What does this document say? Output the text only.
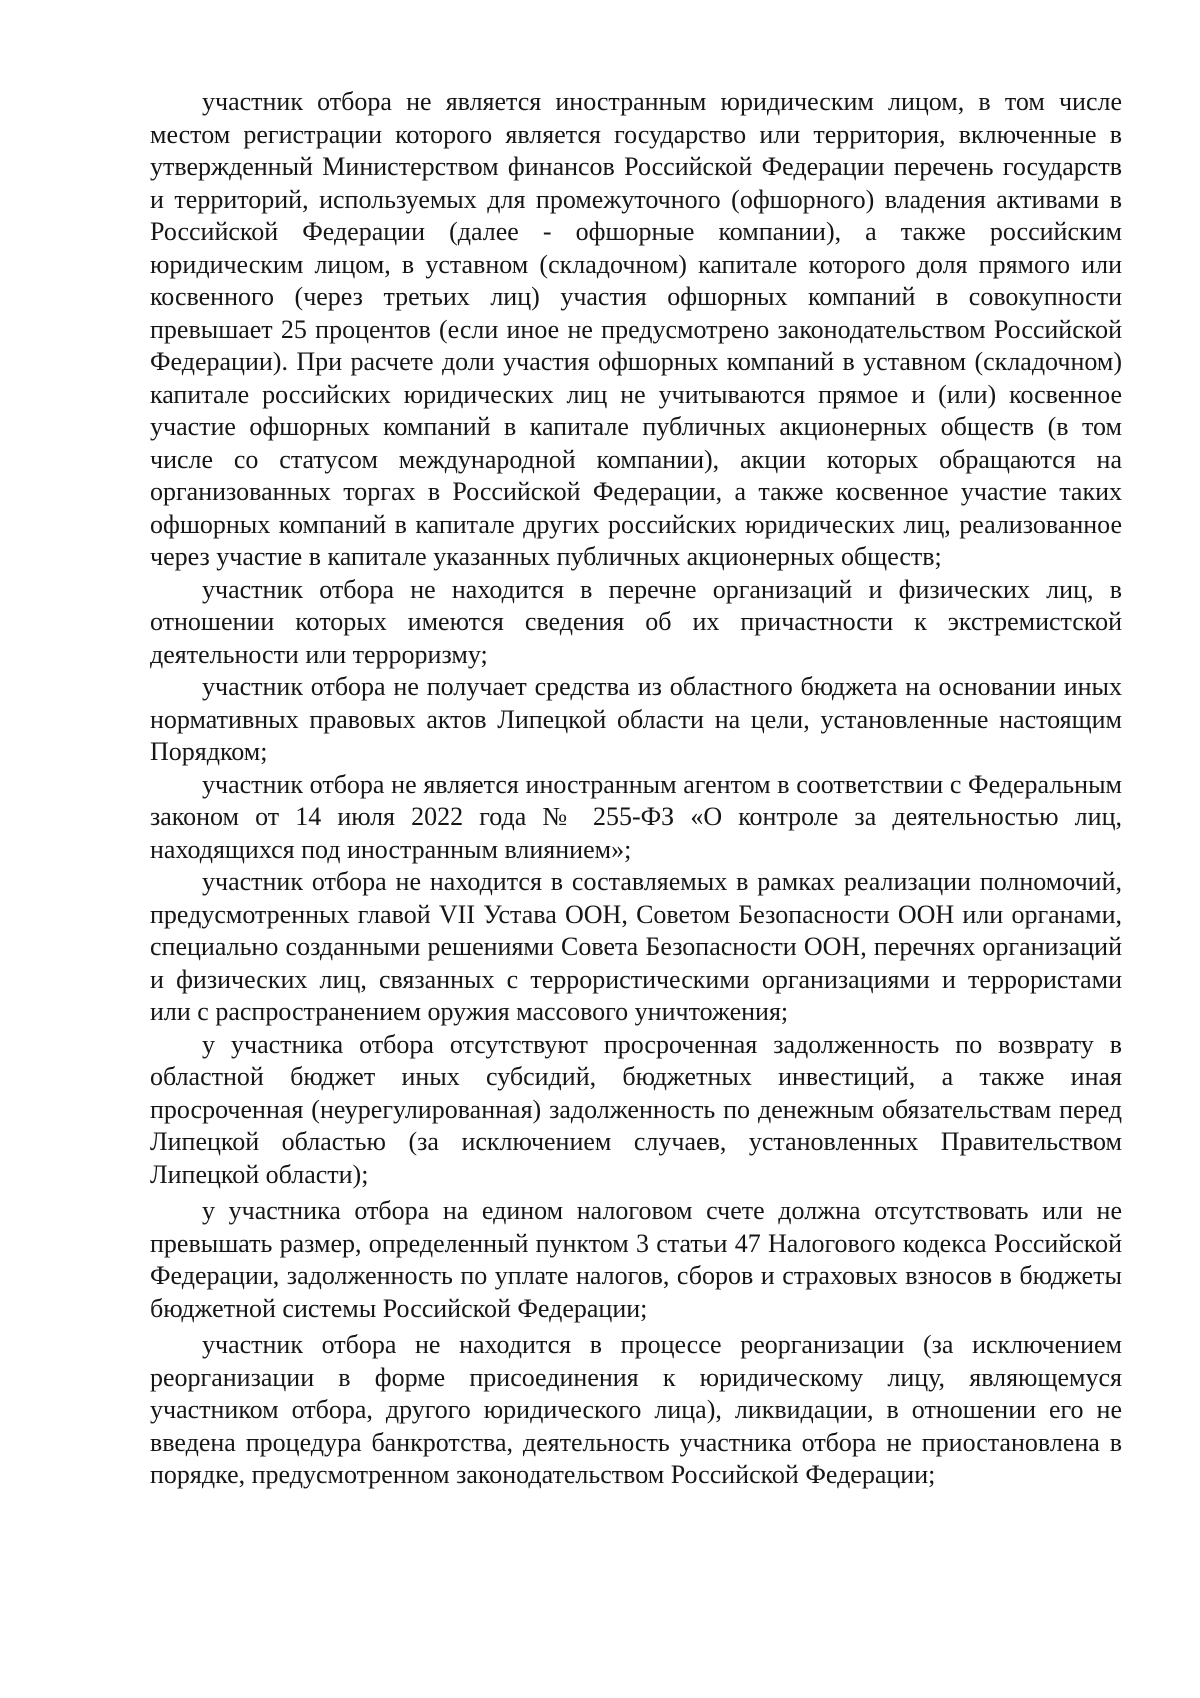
участник отбора не является иностранным юридическим лицом, в том числе местом регистрации которого является государство или территория, включенные в утвержденный Министерством финансов Российской Федерации перечень государств и территорий, используемых для промежуточного (офшорного) владения активами в Российской Федерации (далее - офшорные компании), а также российским юридическим лицом, в уставном (складочном) капитале которого доля прямого или косвенного (через третьих лиц) участия офшорных компаний в совокупности превышает 25 процентов (если иное не предусмотрено законодательством Российской Федерации). При расчете доли участия офшорных компаний в уставном (складочном) капитале российских юридических лиц не учитываются прямое и (или) косвенное участие офшорных компаний в капитале публичных акционерных обществ (в том числе со статусом международной компании), акции которых обращаются на организованных торгах в Российской Федерации, а также косвенное участие таких офшорных компаний в капитале других российских юридических лиц, реализованное через участие в капитале указанных публичных акционерных обществ;

участник отбора не находится в перечне организаций и физических лиц, в отношении которых имеются сведения об их причастности к экстремистской деятельности или терроризму;

участник отбора не получает средства из областного бюджета на основании иных нормативных правовых актов Липецкой области на цели, установленные настоящим Порядком;

участник отбора не является иностранным агентом в соответствии с Федеральным законом от 14 июля 2022 года № 255-ФЗ «О контроле за деятельностью лиц, находящихся под иностранным влиянием»;

участник отбора не находится в составляемых в рамках реализации полномочий, предусмотренных главой VII Устава ООН, Советом Безопасности ООН или органами, специально созданными решениями Совета Безопасности ООН, перечнях организаций и физических лиц, связанных с террористическими организациями и террористами или с распространением оружия массового уничтожения;

у участника отбора отсутствуют просроченная задолженность по возврату в областной бюджет иных субсидий, бюджетных инвестиций, а также иная просроченная (неурегулированная) задолженность по денежным обязательствам перед Липецкой областью (за исключением случаев, установленных Правительством Липецкой области);

у участника отбора на едином налоговом счете должна отсутствовать или не превышать размер, определенный пунктом 3 статьи 47 Налогового кодекса Российской Федерации, задолженность по уплате налогов, сборов и страховых взносов в бюджеты бюджетной системы Российской Федерации;

участник отбора не находится в процессе реорганизации (за исключением реорганизации в форме присоединения к юридическому лицу, являющемуся участником отбора, другого юридического лица), ликвидации, в отношении его не введена процедура банкротства, деятельность участника отбора не приостановлена в порядке, предусмотренном законодательством Российской Федерации;
